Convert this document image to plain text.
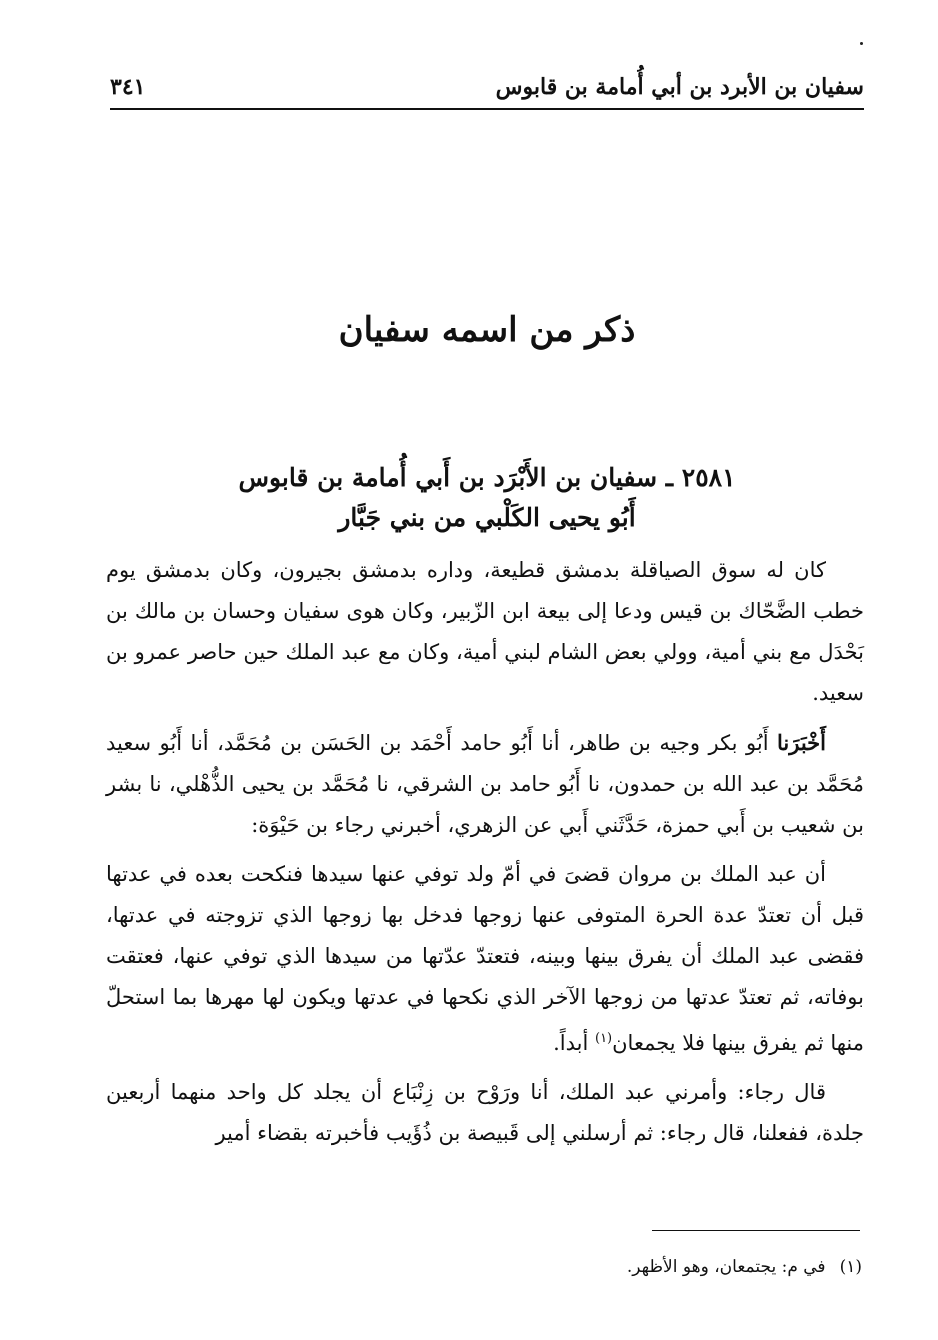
سفيان بن الأبرد بن أبي أُمامة بن قابوس
٣٤١
ذكر من اسمه سفيان
٢٥٨١ ـ سفيان بن الأَبْرَد بن أَبي أُمامة بن قابوس
أَبُو يحيى الكَلْبي من بني جَبَّار

كان له سوق الصياقلة بدمشق قطيعة، وداره بدمشق بجيرون، وكان بدمشق يوم خطب الضَّحّاك بن قيس ودعا إلى بيعة ابن الزّبير، وكان هوى سفيان وحسان بن مالك بن بَحْدَل مع بني أمية، وولي بعض الشام لبني أمية، وكان مع عبد الملك حين حاصر عمرو بن سعيد.

أَخْبَرَنا أَبُو بكر وجيه بن طاهر، أنا أَبُو حامد أَحْمَد بن الحَسَن بن مُحَمَّد، أنا أَبُو سعيد مُحَمَّد بن عبد الله بن حمدون، نا أَبُو حامد بن الشرقي، نا مُحَمَّد بن يحيى الذُّهْلي، نا بشر بن شعيب بن أَبي حمزة، حَدَّثَني أَبي عن الزهري، أخبرني رجاء بن حَيْوَة:

أن عبد الملك بن مروان قضىَ في أمّ ولد توفي عنها سيدها فنكحت بعده في عدتها قبل أن تعتدّ عدة الحرة المتوفى عنها زوجها فدخل بها زوجها الذي تزوجته في عدتها، فقضى عبد الملك أن يفرق بينها وبينه، فتعتدّ عدّتها من سيدها الذي توفي عنها، فعتقت بوفاته، ثم تعتدّ عدتها من زوجها الآخر الذي نكحها في عدتها ويكون لها مهرها بما استحلّ منها ثم يفرق بينها فلا يجمعان$^{(١)}$ أبداً.

قال رجاء: وأمرني عبد الملك، أنا ورَوْح بن زِنْبَاع أن يجلد كل واحد منهما أربعين جلدة، ففعلنا، قال رجاء: ثم أرسلني إلى قَبيصة بن ذُؤَيب فأخبرته بقضاء أمير

(١)في م: يجتمعان، وهو الأظهر.
